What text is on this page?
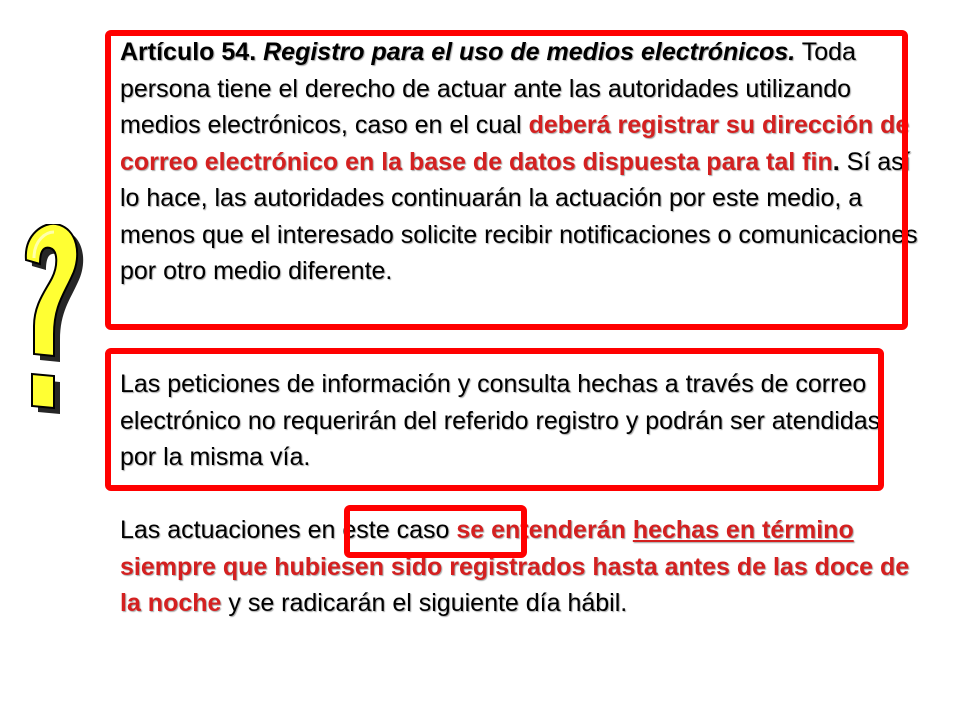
Artículo 54. Registro para el uso de medios electrónicos. Toda persona tiene el derecho de actuar ante las autoridades utilizando medios electrónicos, caso en el cual deberá registrar su dirección de correo electrónico en la base de datos dispuesta para tal fin. Sí así lo hace, las autoridades continuarán la actuación por este medio, a menos que el interesado solicite recibir notificaciones o comunicaciones por otro medio diferente.
Las peticiones de información y consulta hechas a través de correo electrónico no requerirán del referido registro y podrán ser atendidas por la misma vía.
Las actuaciones en este caso se entenderán hechas en término siempre que hubiesen sido registrados hasta antes de las doce de la noche y se radicarán el siguiente día hábil.
